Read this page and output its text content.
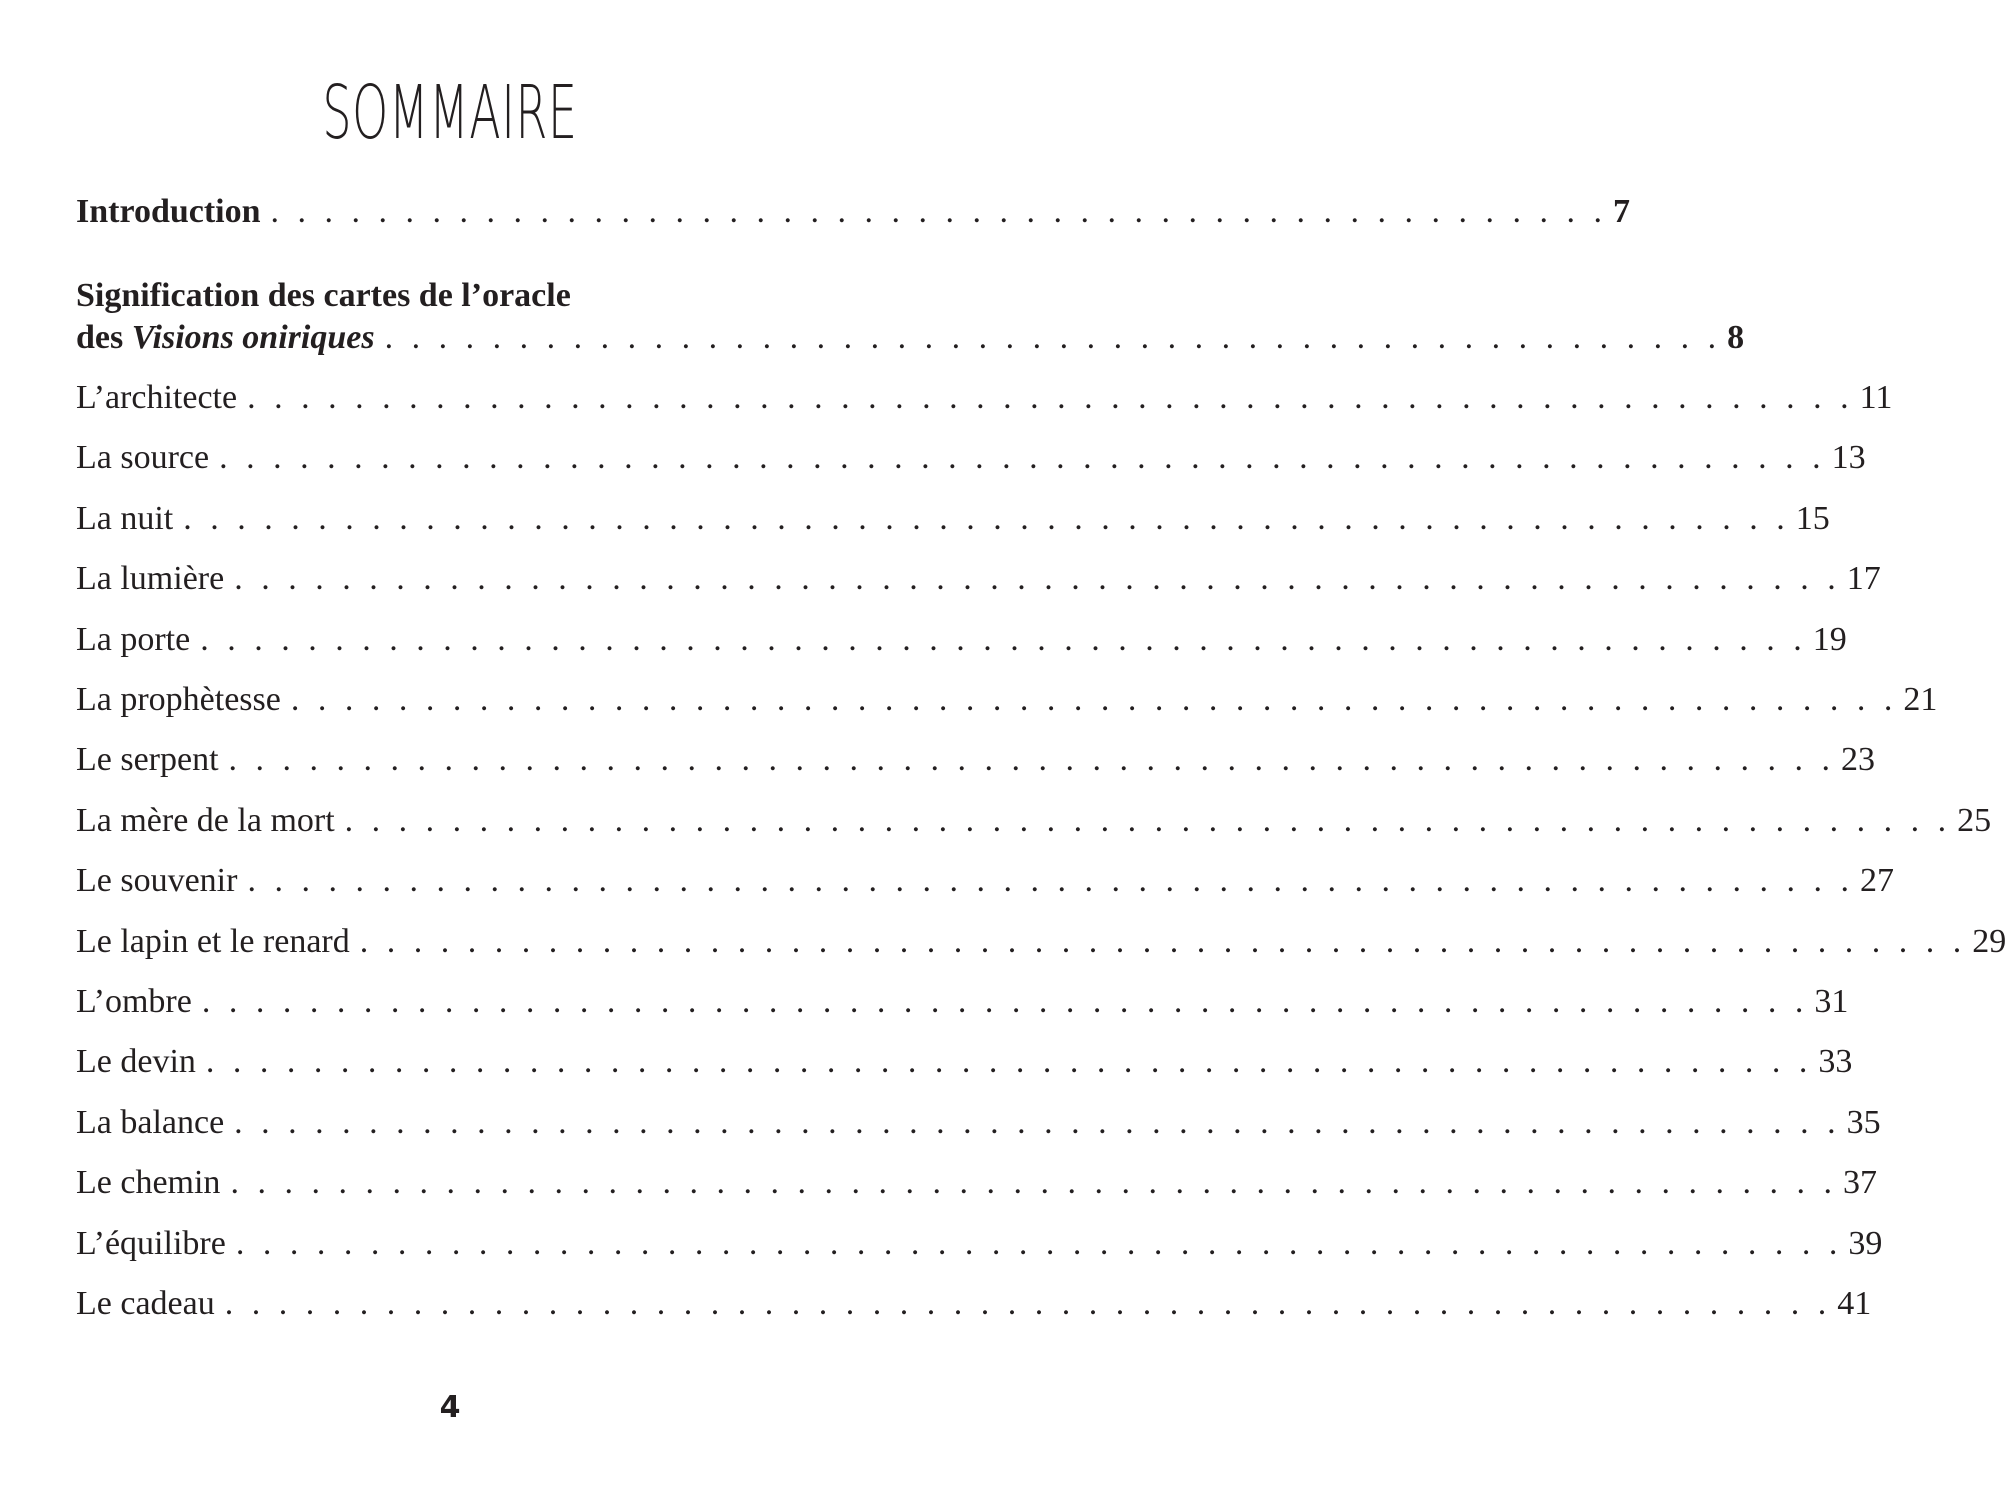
SOMMAIRE
Introduction . . . . . . . . . . . . . . . . . . . . . . . . . . . . . . . . . . . . . . . . . . . . . . . . . . 7
Signification des cartes de l’oracle
des Visions oniriques . . . . . . . . . . . . . . . . . . . . . . . . . . . . . . . . . . . . . . . . . . . . . . . . . . 8
L’architecte . . . . . . . . . . . . . . . . . . . . . . . . . . . . . . . . . . . . . . . . . . . . . . . . . . . . . . . . . . . . 11
La source . . . . . . . . . . . . . . . . . . . . . . . . . . . . . . . . . . . . . . . . . . . . . . . . . . . . . . . . . . . . 13
La nuit . . . . . . . . . . . . . . . . . . . . . . . . . . . . . . . . . . . . . . . . . . . . . . . . . . . . . . . . . . . . 15
La lumière . . . . . . . . . . . . . . . . . . . . . . . . . . . . . . . . . . . . . . . . . . . . . . . . . . . . . . . . . . . . 17
La porte . . . . . . . . . . . . . . . . . . . . . . . . . . . . . . . . . . . . . . . . . . . . . . . . . . . . . . . . . . . . 19
La prophètesse . . . . . . . . . . . . . . . . . . . . . . . . . . . . . . . . . . . . . . . . . . . . . . . . . . . . . . . . . . . . 21
Le serpent . . . . . . . . . . . . . . . . . . . . . . . . . . . . . . . . . . . . . . . . . . . . . . . . . . . . . . . . . . . . 23
La mère de la mort . . . . . . . . . . . . . . . . . . . . . . . . . . . . . . . . . . . . . . . . . . . . . . . . . . . . . . . . . . . . 25
Le souvenir . . . . . . . . . . . . . . . . . . . . . . . . . . . . . . . . . . . . . . . . . . . . . . . . . . . . . . . . . . . . 27
Le lapin et le renard . . . . . . . . . . . . . . . . . . . . . . . . . . . . . . . . . . . . . . . . . . . . . . . . . . . . . . . . . . . . 29
L’ombre . . . . . . . . . . . . . . . . . . . . . . . . . . . . . . . . . . . . . . . . . . . . . . . . . . . . . . . . . . . . 31
Le devin . . . . . . . . . . . . . . . . . . . . . . . . . . . . . . . . . . . . . . . . . . . . . . . . . . . . . . . . . . . . 33
La balance . . . . . . . . . . . . . . . . . . . . . . . . . . . . . . . . . . . . . . . . . . . . . . . . . . . . . . . . . . . . 35
Le chemin . . . . . . . . . . . . . . . . . . . . . . . . . . . . . . . . . . . . . . . . . . . . . . . . . . . . . . . . . . . . 37
L’équilibre . . . . . . . . . . . . . . . . . . . . . . . . . . . . . . . . . . . . . . . . . . . . . . . . . . . . . . . . . . . . 39
Le cadeau . . . . . . . . . . . . . . . . . . . . . . . . . . . . . . . . . . . . . . . . . . . . . . . . . . . . . . . . . . . . 41
4
